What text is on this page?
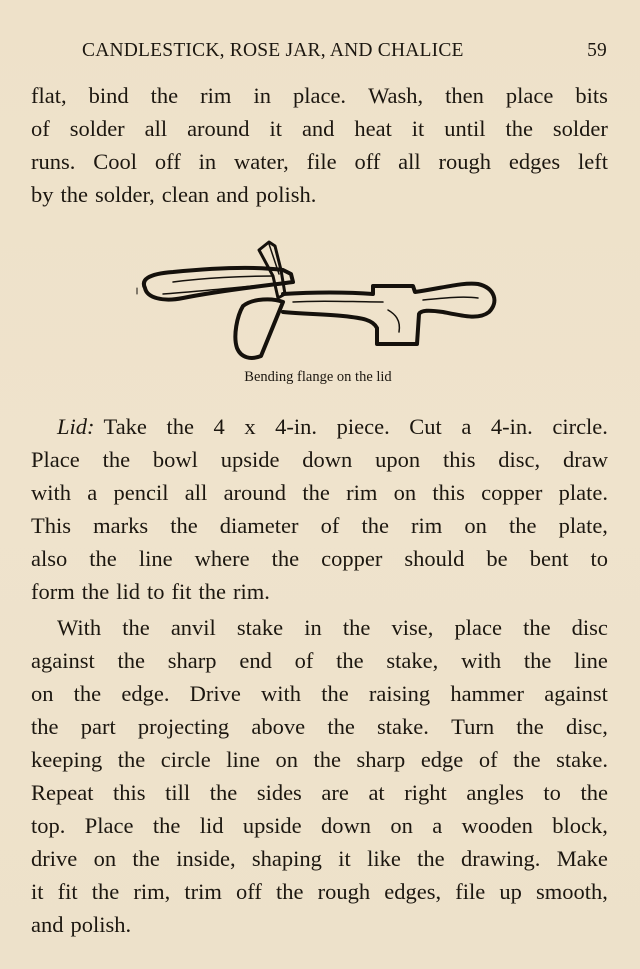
CANDLESTICK, ROSE JAR, AND CHALICE	59
flat, bind the rim in place. Wash, then place bits
of solder all around it and heat it until the solder
runs. Cool off in water, file off all rough edges left
by the solder, clean and polish.
Bending flange on the lid
Lid: Take the 4 x 4-in. piece. Cut a 4-in. circle.
Place the bowl upside down upon this disc, draw
with a pencil all around the rim on this copper plate.
This marks the diameter of the rim on the plate,
also the line where the copper should be bent to
form the lid to fit the rim.
With the anvil stake in the vise, place the disc
against the sharp end of the stake, with the line
on the edge. Drive with the raising hammer against
the part projecting above the stake. Turn the disc,
keeping the circle line on the sharp edge of the stake.
Repeat this till the sides are at right angles to the
top. Place the lid upside down on a wooden block,
drive on the inside, shaping it like the drawing. Make
it fit the rim, trim off the rough edges, file up smooth,
and polish.
